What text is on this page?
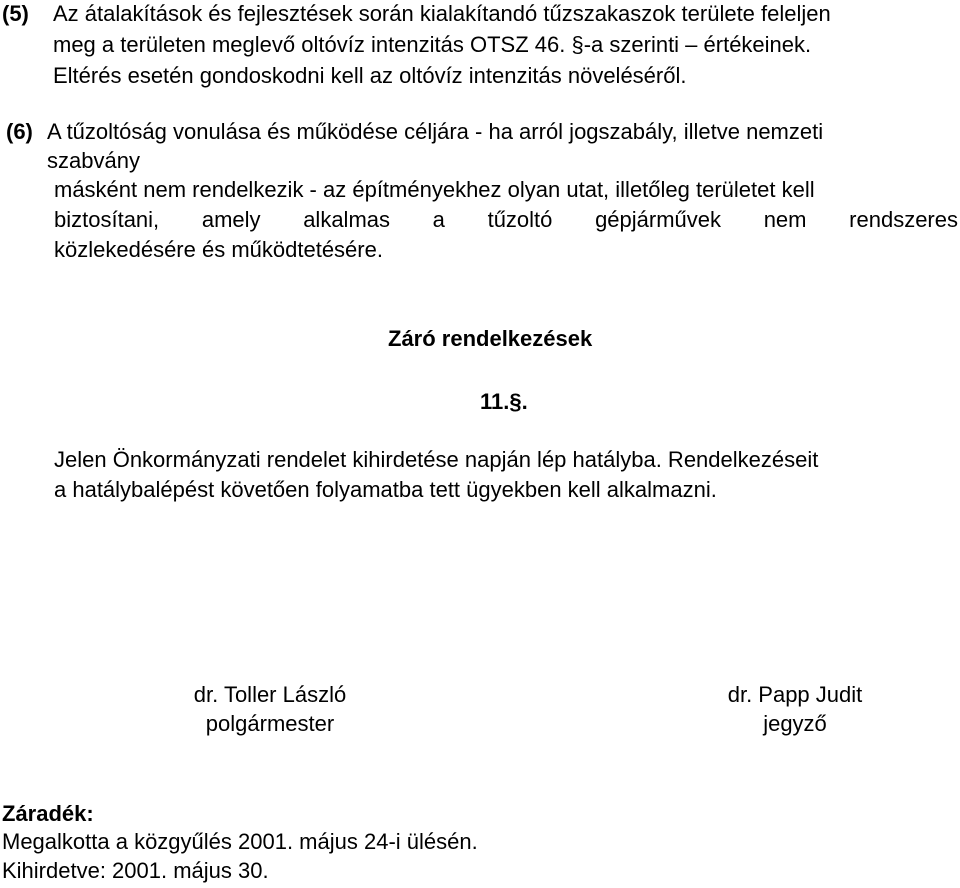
(5) Az átalakítások és fejlesztések során kialakítandó tűzszakaszok területe feleljen
meg a területen meglevő oltóvíz intenzitás OTSZ 46. §-a szerinti – értékeinek.
Eltérés esetén gondoskodni kell az oltóvíz intenzitás növeléséről.
(6) A tűzoltóság vonulása és működése céljára - ha arról jogszabály, illetve nemzeti
szabvány
másként nem rendelkezik - az építményekhez olyan utat, illetőleg területet kell
biztosítani, amely alkalmas a tűzoltó gépjárművek nem rendszeres
közlekedésére és működtetésére.
Záró rendelkezések
11.§.
Jelen Önkormányzati rendelet kihirdetése napján lép hatályba. Rendelkezéseit
a hatálybalépést követően folyamatba tett ügyekben kell alkalmazni.
dr. Toller László
polgármester
dr. Papp Judit
jegyző
Záradék:
Megalkotta a közgyűlés 2001. május 24-i ülésén.
Kihirdetve: 2001. május 30.
